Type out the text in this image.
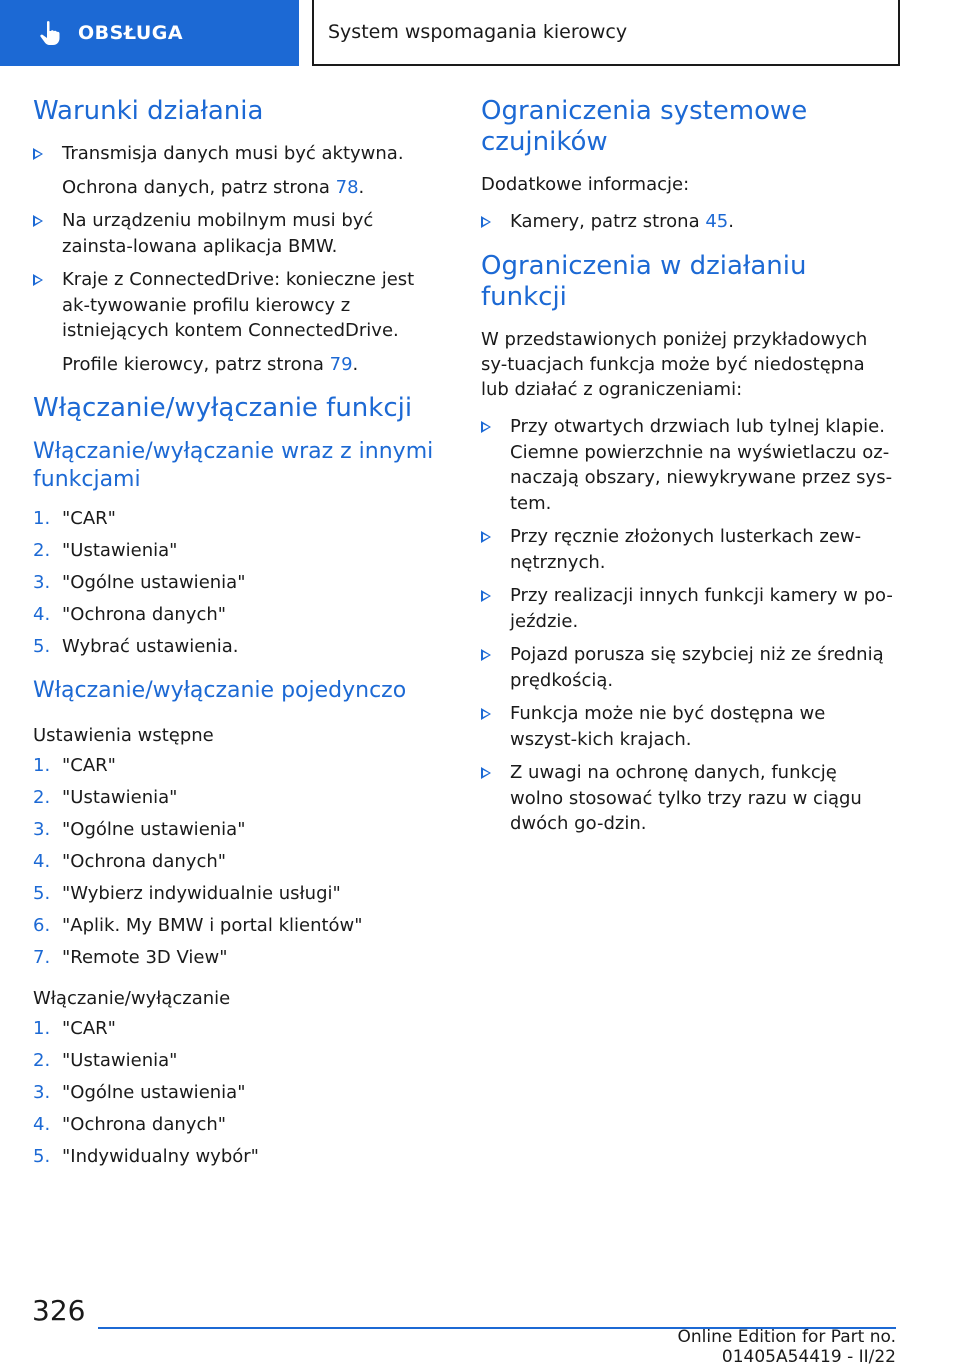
OBSŁUGA	System wspomagania kierowcy
Warunki działania
Transmisja danych musi być aktywna.
Ochrona danych, patrz strona 78.
Na urządzeniu mobilnym musi być zainsta-lowana aplikacja BMW.
Kraje z ConnectedDrive: konieczne jest ak-tywowanie profilu kierowcy z istniejących kontem ConnectedDrive.
Profile kierowcy, patrz strona 79.
Włączanie/wyłączanie funkcji
Włączanie/wyłączanie wraz z innymi funkcjami
1. "CAR"
2. "Ustawienia"
3. "Ogólne ustawienia"
4. "Ochrona danych"
5. Wybrać ustawienia.
Włączanie/wyłączanie pojedynczo
Ustawienia wstępne
1. "CAR"
2. "Ustawienia"
3. "Ogólne ustawienia"
4. "Ochrona danych"
5. "Wybierz indywidualnie usługi"
6. "Aplik. My BMW i portal klientów"
7. "Remote 3D View"
Włączanie/wyłączanie
1. "CAR"
2. "Ustawienia"
3. "Ogólne ustawienia"
4. "Ochrona danych"
5. "Indywidualny wybór"
Ograniczenia systemowe czujników

Dodatkowe informacje:

Kamery, patrz strona 45.
Ograniczenia w działaniu funkcji

W przedstawionych poniżej przykładowych sy-tuacjach funkcja może być niedostępna lub działać z ograniczeniami:

Przy otwartych drzwiach lub tylnej klapie. Ciemne powierzchnie na wyświetlaczu oz-naczają obszary, niewykrywane przez sys-tem.
Przy ręcznie złożonych lusterkach zew-nętrznych.
Przy realizacji innych funkcji kamery w po-jeździe.
Pojazd porusza się szybciej niż ze średnią prędkością.
Funkcja może nie być dostępna we wszyst-kich krajach.
Z uwagi na ochronę danych, funkcję wolno stosować tylko trzy razu w ciągu dwóch go-dzin.
326
Online Edition for Part no. 01405A54419 - II/22
